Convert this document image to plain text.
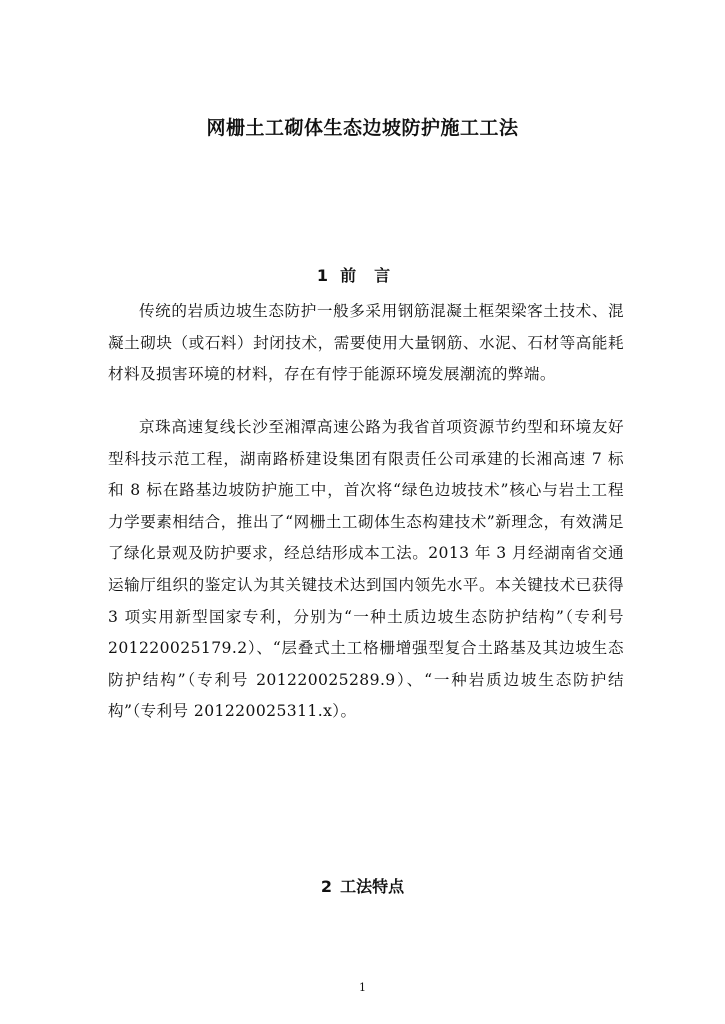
网栅土工砌体生态边坡防护施工工法
1 前言

传统的岩质边坡生态防护一般多采用钢筋混凝土框架梁客土技术、混凝土砌块（或石料）封闭技术，需要使用大量钢筋、水泥、石材等高能耗材料及损害环境的材料，存在有悖于能源环境发展潮流的弊端。

京珠高速复线长沙至湘潭高速公路为我省首项资源节约型和环境友好型科技示范工程，湖南路桥建设集团有限责任公司承建的长湘高速 7 标和 8 标在路基边坡防护施工中，首次将“绿色边坡技术”核心与岩土工程力学要素相结合，推出了“网栅土工砌体生态构建技术”新理念，有效满足了绿化景观及防护要求，经总结形成本工法。2013 年 3 月经湖南省交通运输厅组织的鉴定认为其关键技术达到国内领先水平。本关键技术已获得 3 项实用新型国家专利，分别为“一种土质边坡生态防护结构”（专利号 201220025179.2）、“层叠式土工格栅增强型复合土路基及其边坡生态防护结构”（专利号 201220025289.9）、“一种岩质边坡生态防护结构”（专利号 201220025311.x）。

2 工法特点
1
